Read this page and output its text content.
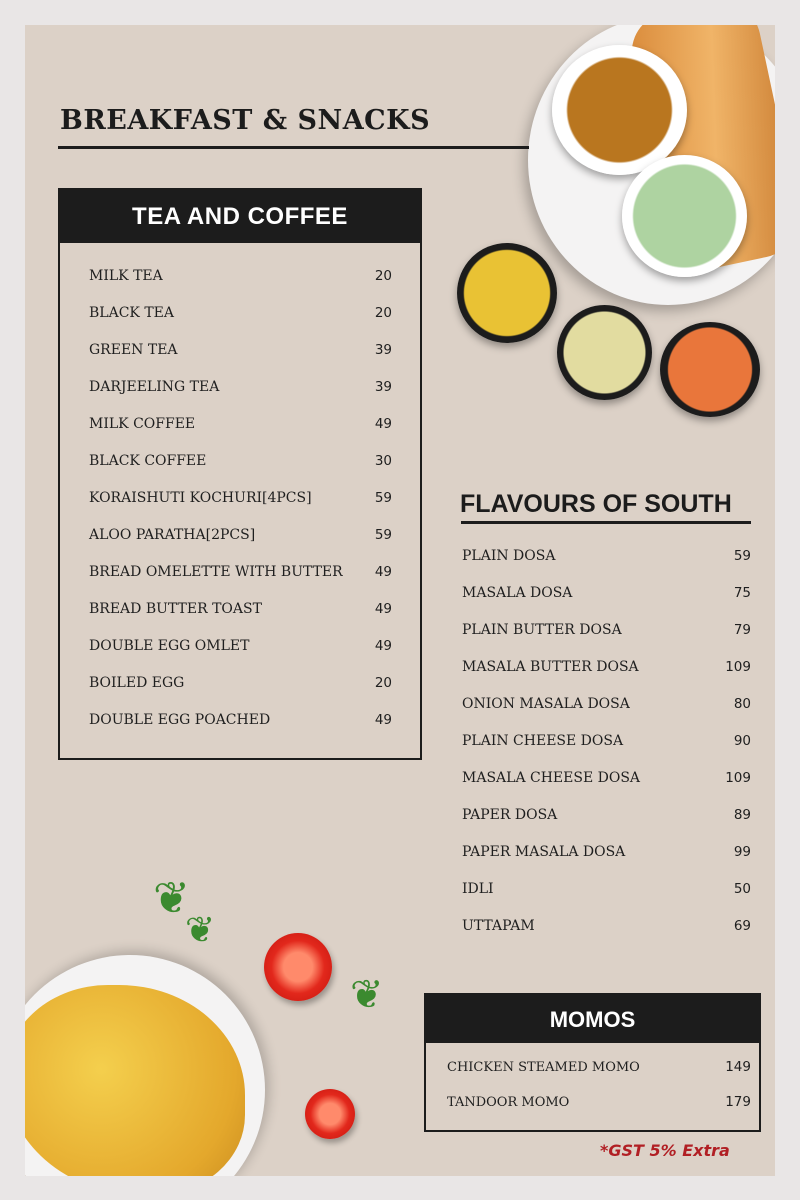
❦
❦
❦
BREAKFAST & SNACKS
TEA AND COFFEE
MILK TEA	20
BLACK TEA	20
GREEN TEA	39
DARJEELING TEA	39
MILK COFFEE	49
BLACK COFFEE	30
KORAISHUTI KOCHURI[4PCS]	59
ALOO PARATHA[2PCS]	59
BREAD OMELETTE WITH BUTTER 49
BREAD BUTTER TOAST	49
DOUBLE EGG OMLET	49
BOILED EGG	20
DOUBLE EGG POACHED	49
FLAVOURS OF SOUTH
PLAIN DOSA	59
MASALA DOSA	75
PLAIN BUTTER DOSA	79
MASALA BUTTER DOSA	109
ONION MASALA DOSA	80
PLAIN CHEESE DOSA	90
MASALA CHEESE DOSA	109
PAPER DOSA	89
PAPER MASALA DOSA	99
IDLI	50
UTTAPAM	69
MOMOS
CHICKEN STEAMED MOMO	149
TANDOOR MOMO	179
*GST 5% Extra
